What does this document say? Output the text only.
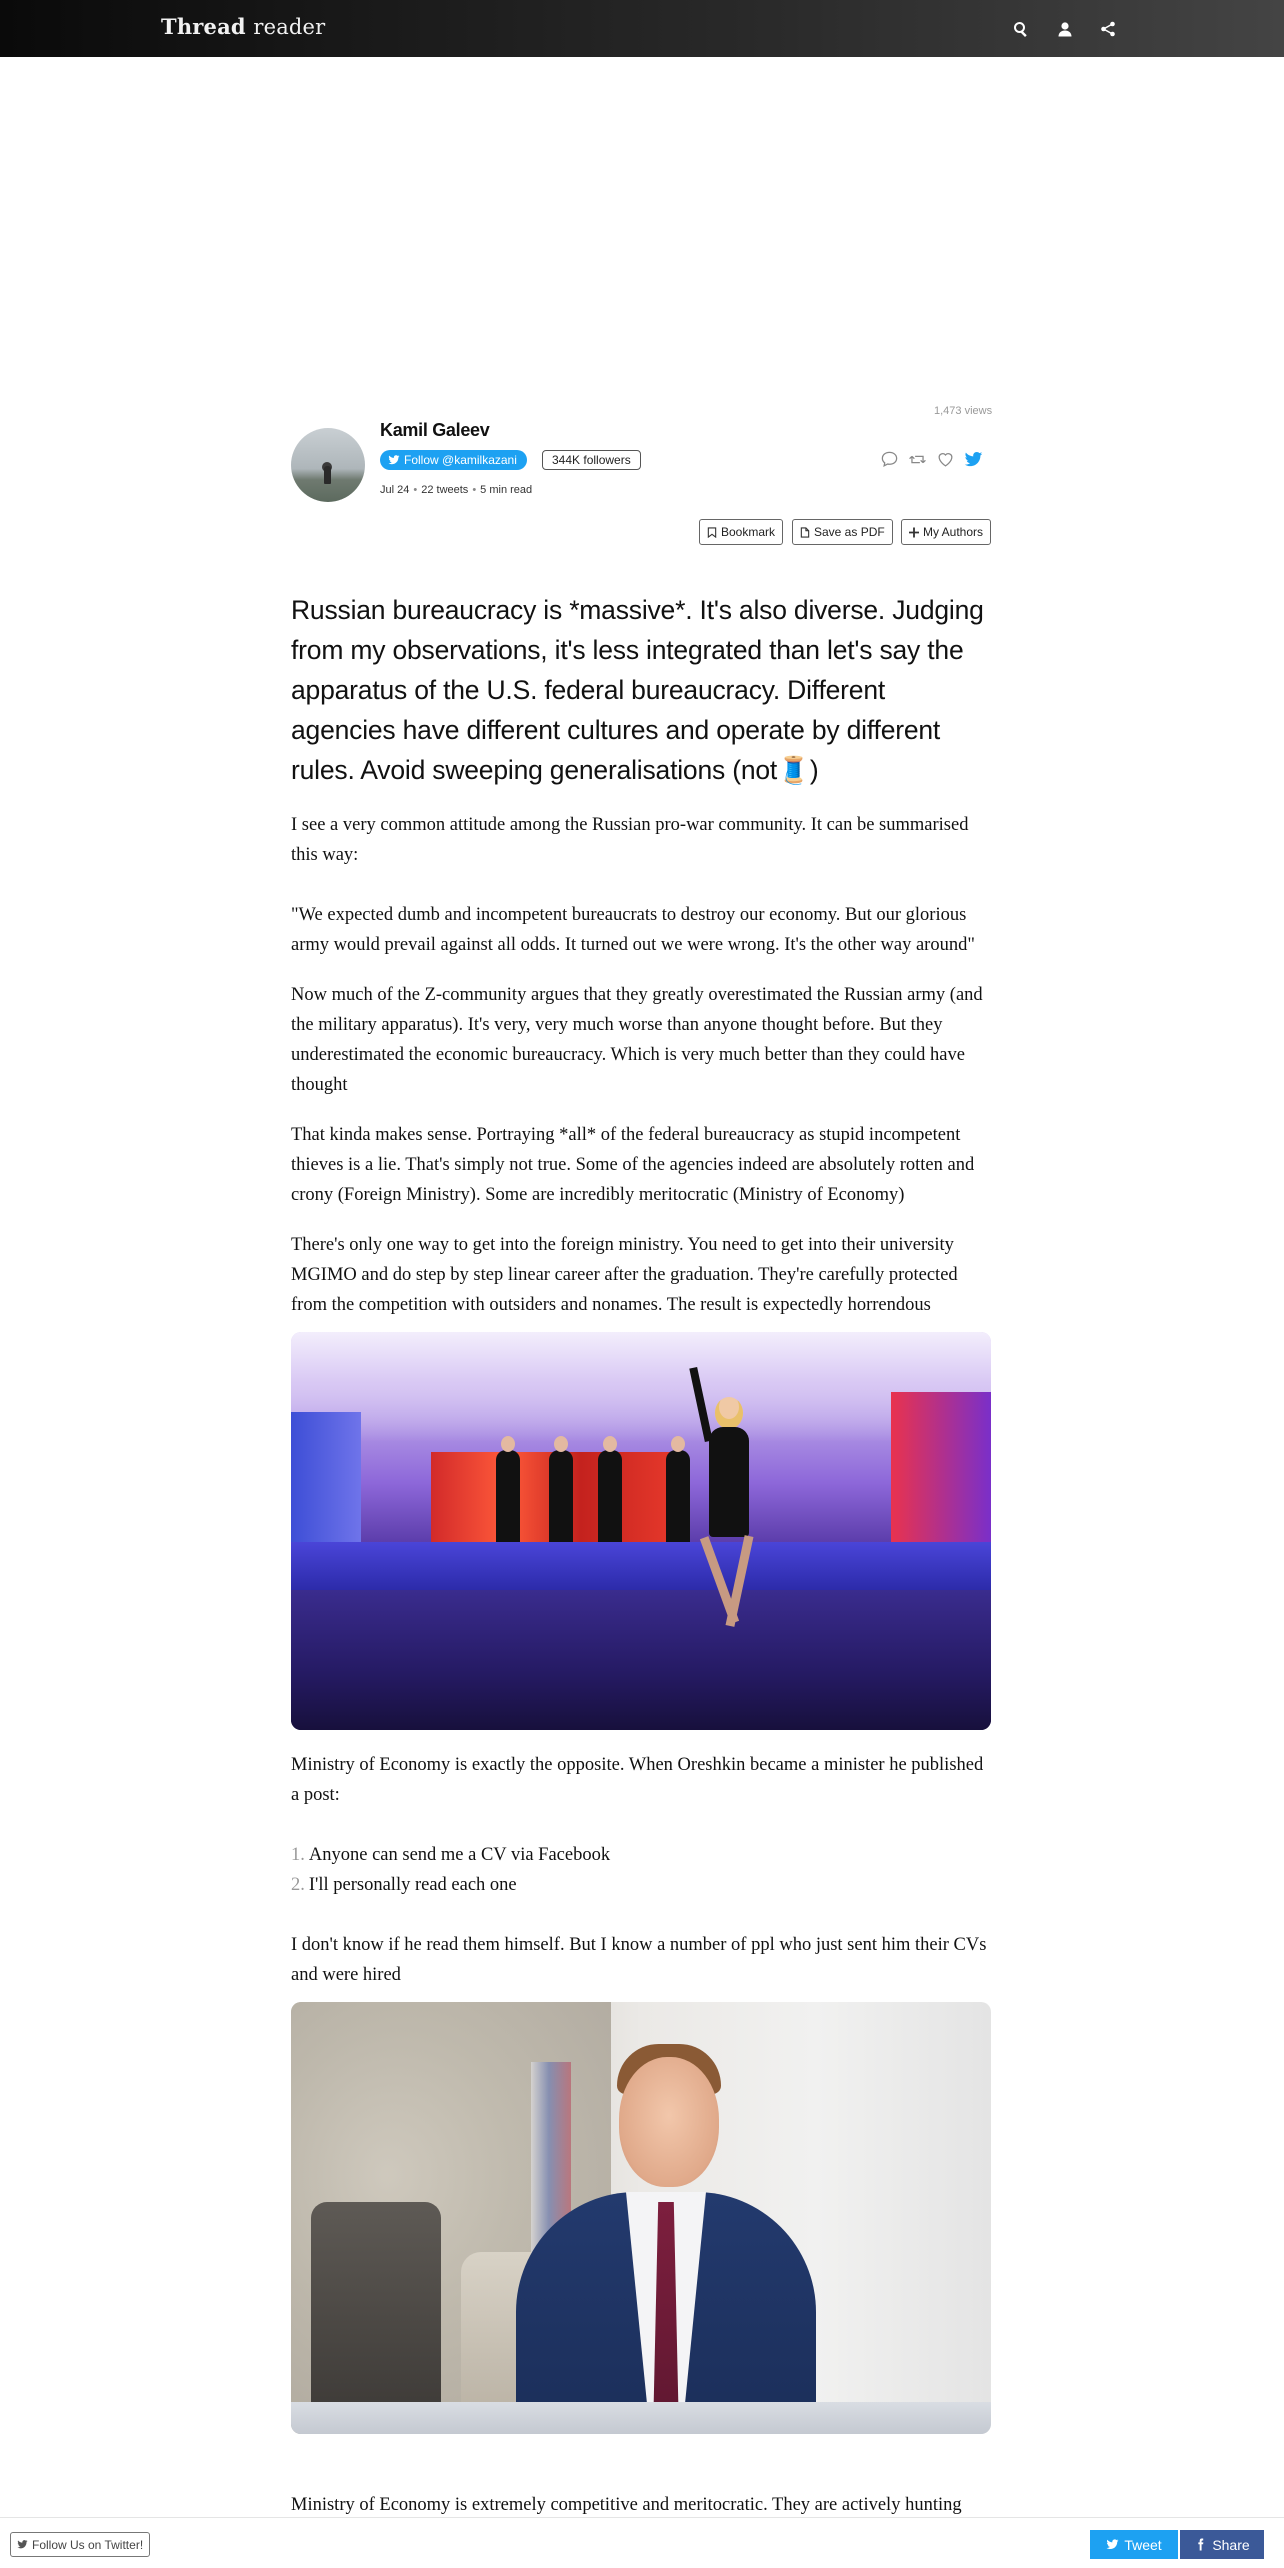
Thread reader
1,473 views
Kamil Galeev
Follow @kamilkazani	344K followers
Jul 24 • 22 tweets • 5 min read
Bookmark	Save as PDF	My Authors
Russian bureaucracy is *massive*. It's also diverse. Judging from my observations, it's less integrated than let's say the apparatus of the U.S. federal bureaucracy. Different agencies have different cultures and operate by different rules. Avoid sweeping generalisations (not🧵)

I see a very common attitude among the Russian pro-war community. It can be summarised this way:

"We expected dumb and incompetent bureaucrats to destroy our economy. But our glorious army would prevail against all odds. It turned out we were wrong. It's the other way around"

Now much of the Z-community argues that they greatly overestimated the Russian army (and the military apparatus). It's very, very much worse than anyone thought before. But they underestimated the economic bureaucracy. Which is very much better than they could have thought
That kinda makes sense. Portraying *all* of the federal bureaucracy as stupid incompetent thieves is a lie. That's simply not true. Some of the agencies indeed are absolutely rotten and crony (Foreign Ministry). Some are incredibly meritocratic (Ministry of Economy)
There's only one way to get into the foreign ministry. You need to get into their university MGIMO and do step by step linear career after the graduation. They're carefully protected from the competition with outsiders and nonames. The result is expectedly horrendous

Ministry of Economy is exactly the opposite. When Oreshkin became a minister he published a post:

1. Anyone can send me a CV via Facebook
2. I'll personally read each one
I don't know if he read them himself. But I know a number of ppl who just sent him their CVs and were hired
Ministry of Economy is extremely competitive and meritocratic. They are actively hunting
Follow Us on Twitter!	Tweet	Share
